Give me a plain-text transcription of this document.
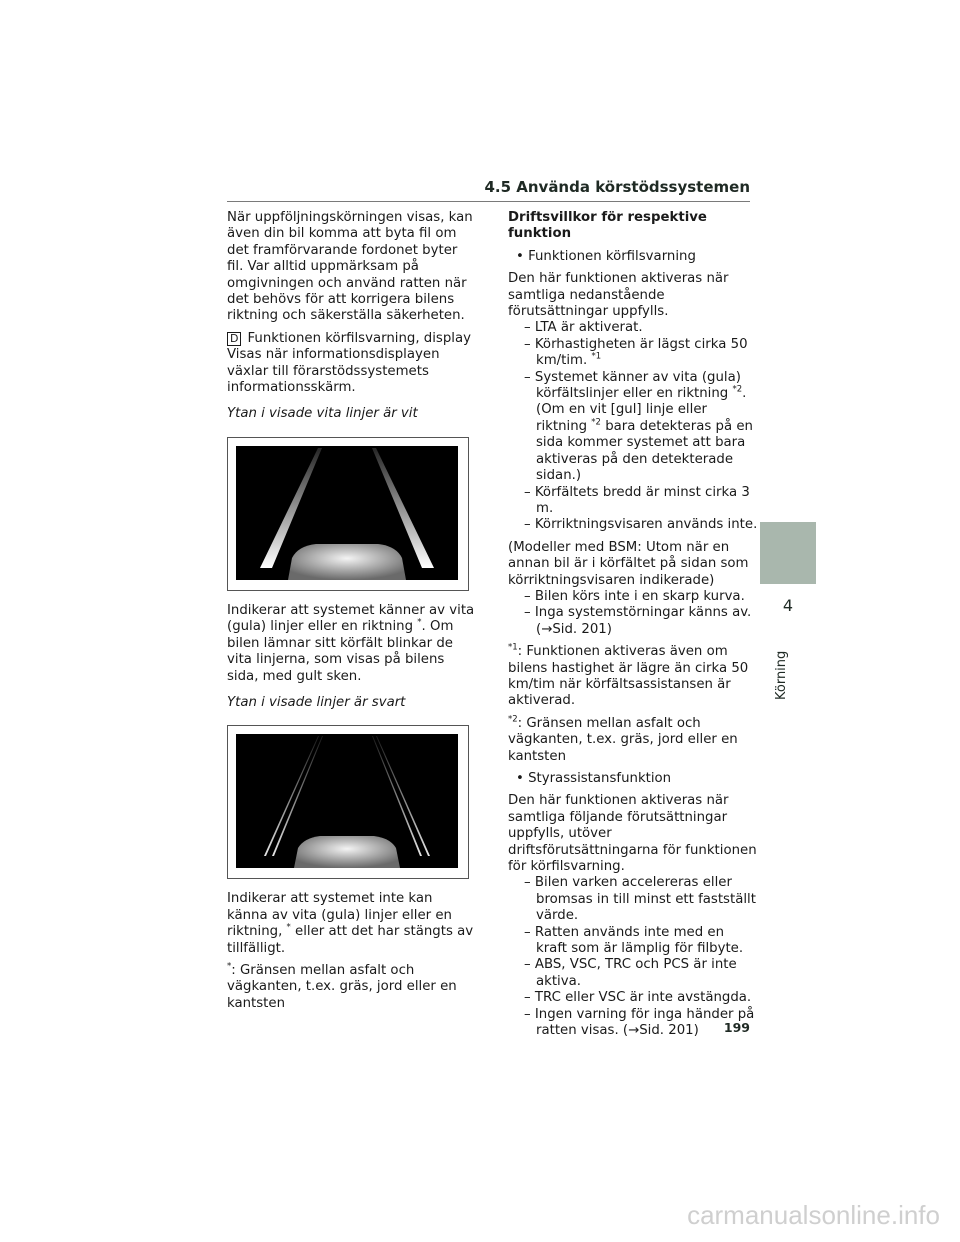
4.5 Använda körstödssystemen

När uppföljningskörningen visas, kan även din bil komma att byta fil om det framförvarande fordonet byter fil. Var alltid uppmärksam på omgivningen och använd ratten när det behövs för att korrigera bilens riktning och säkerställa säkerheten.

D Funktionen körfilsvarning, display

Visas när informationsdisplayen växlar till förarstödssystemets informationsskärm.

Ytan i visade vita linjer är vit

Indikerar att systemet känner av vita (gula) linjer eller en riktning *. Om bilen lämnar sitt körfält blinkar de vita linjerna, som visas på bilens sida, med gult sken.

Ytan i visade linjer är svart

Indikerar att systemet inte kan känna av vita (gula) linjer eller en riktning, * eller att det har stängts av tillfälligt.

*: Gränsen mellan asfalt och vägkanten, t.ex. gräs, jord eller en kantsten

Driftsvillkor för respektive funktion

• Funktionen körfilsvarning

Den här funktionen aktiveras när samtliga nedanstående förutsättningar uppfylls.

– LTA är aktiverat.

– Körhastigheten är lägst cirka 50 km/tim. $^{*1}$

– Systemet känner av vita (gula) körfältslinjer eller en riktning $^{*2}$. (Om en vit [gul] linje eller riktning $^{*2}$ bara detekteras på en sida kommer systemet att bara aktiveras på den detekterade sidan.)

– Körfältets bredd är minst cirka 3 m.

– Körriktningsvisaren används inte.

(Modeller med BSM: Utom när en annan bil är i körfältet på sidan som körriktningsvisaren indikerade)

– Bilen körs inte i en skarp kurva.

– Inga systemstörningar känns av. (→Sid. 201)

$^{*1}$: Funktionen aktiveras även om bilens hastighet är lägre än cirka 50 km/tim när körfältsassistansen är aktiverad.

$^{*2}$: Gränsen mellan asfalt och vägkanten, t.ex. gräs, jord eller en kantsten

• Styrassistansfunktion

Den här funktionen aktiveras när samtliga följande förutsättningar uppfylls, utöver driftsförutsättningarna för funktionen för körfilsvarning.

– Bilen varken accelereras eller bromsas in till minst ett fastställt värde.

– Ratten används inte med en kraft som är lämplig för filbyte.

– ABS, VSC, TRC och PCS är inte aktiva.

– TRC eller VSC är inte avstängda.

– Ingen varning för inga händer på ratten visas. (→Sid. 201)

4
Körning
199
carmanualsonline.info
